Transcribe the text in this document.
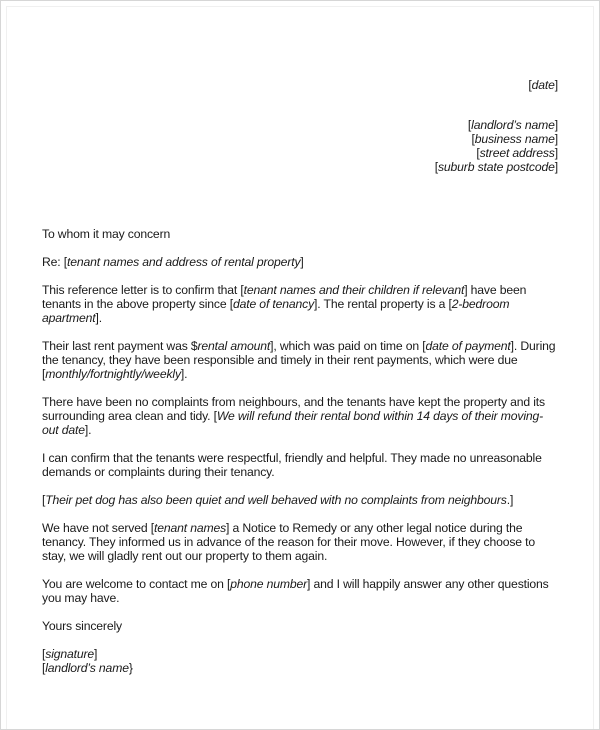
[date]
[landlord’s name]
[business name]
[street address]
[suburb state postcode]

To whom it may concern

Re: [tenant names and address of rental property]

This reference letter is to confirm that [tenant names and their children if relevant] have been tenants in the above property since [date of tenancy]. The rental property is a [2-bedroom apartment].

Their last rent payment was $rental amount], which was paid on time on [date of payment]. During the tenancy, they have been responsible and timely in their rent payments, which were due [monthly/fortnightly/weekly].

There have been no complaints from neighbours, and the tenants have kept the property and its surrounding area clean and tidy. [We will refund their rental bond within 14 days of their moving-out date].

I can confirm that the tenants were respectful, friendly and helpful. They made no unreasonable demands or complaints during their tenancy.

[Their pet dog has also been quiet and well behaved with no complaints from neighbours.]

We have not served [tenant names] a Notice to Remedy or any other legal notice during the tenancy. They informed us in advance of the reason for their move. However, if they choose to stay, we will gladly rent out our property to them again.

You are welcome to contact me on [phone number] and I will happily answer any other questions you may have.

Yours sincerely

[signature]
[landlord’s name}
